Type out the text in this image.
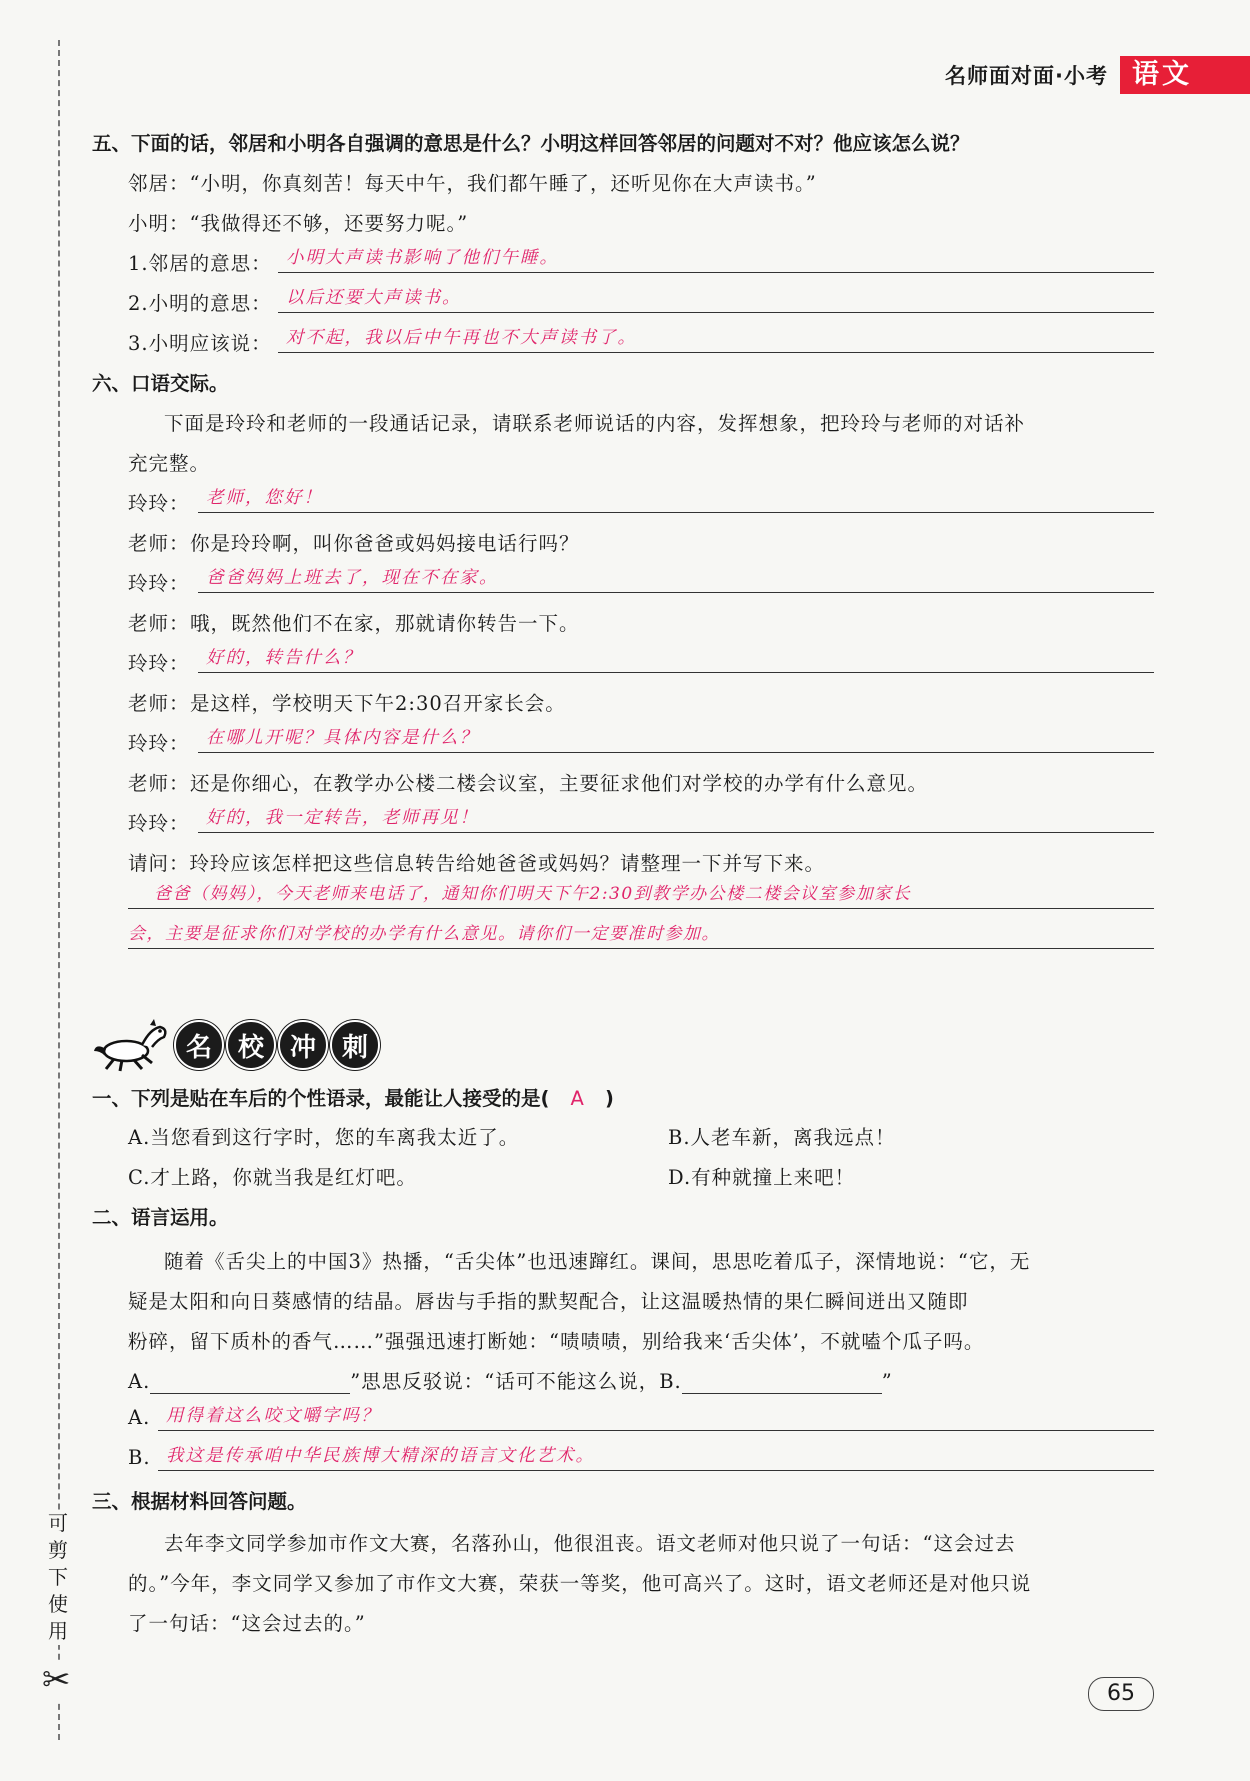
可剪下使用
✂
名师面对面·小考 语文
五、下面的话，邻居和小明各自强调的意思是什么？小明这样回答邻居的问题对不对？他应该怎么说？
邻居：“小明，你真刻苦！每天中午，我们都午睡了，还听见你在大声读书。”
小明：“我做得还不够，还要努力呢。”
1.邻居的意思： 小明大声读书影响了他们午睡。
2.小明的意思： 以后还要大声读书。
3.小明应该说： 对不起，我以后中午再也不大声读书了。
六、口语交际。
下面是玲玲和老师的一段通话记录，请联系老师说话的内容，发挥想象，把玲玲与老师的对话补
充完整。
玲玲： 老师，您好！
老师： 你是玲玲啊，叫你爸爸或妈妈接电话行吗？
玲玲： 爸爸妈妈上班去了，现在不在家。
老师： 哦，既然他们不在家，那就请你转告一下。
玲玲： 好的，转告什么？
老师： 是这样，学校明天下午2:30召开家长会。
玲玲： 在哪儿开呢？具体内容是什么？
老师： 还是你细心，在教学办公楼二楼会议室，主要征求他们对学校的办学有什么意见。
玲玲： 好的，我一定转告，老师再见！
请问：玲玲应该怎样把这些信息转告给她爸爸或妈妈？请整理一下并写下来。
爸爸（妈妈），今天老师来电话了，通知你们明天下午2:30到教学办公楼二楼会议室参加家长
会，主要是征求你们对学校的办学有什么意见。请你们一定要准时参加。
名 校 冲 刺
一、下列是贴在车后的个性语录，最能让人接受的是( A )
A.当您看到这行字时，您的车离我太近了。	B.人老车新，离我远点！
C.才上路，你就当我是红灯吧。	D.有种就撞上来吧！
二、语言运用。
随着《舌尖上的中国3》热播，“舌尖体”也迅速蹿红。课间，思思吃着瓜子，深情地说：“它，无
疑是太阳和向日葵感情的结晶。唇齿与手指的默契配合，让这温暖热情的果仁瞬间迸出又随即
粉碎，留下质朴的香气……”强强迅速打断她：“啧啧啧，别给我来‘舌尖体’，不就嗑个瓜子吗。
A.	”思思反驳说：“话可不能这么说，B.	”
A. 用得着这么咬文嚼字吗？
B. 我这是传承咱中华民族博大精深的语言文化艺术。
三、根据材料回答问题。
去年李文同学参加市作文大赛，名落孙山，他很沮丧。语文老师对他只说了一句话：“这会过去
的。”今年，李文同学又参加了市作文大赛，荣获一等奖，他可高兴了。这时，语文老师还是对他只说
了一句话：“这会过去的。”
65
